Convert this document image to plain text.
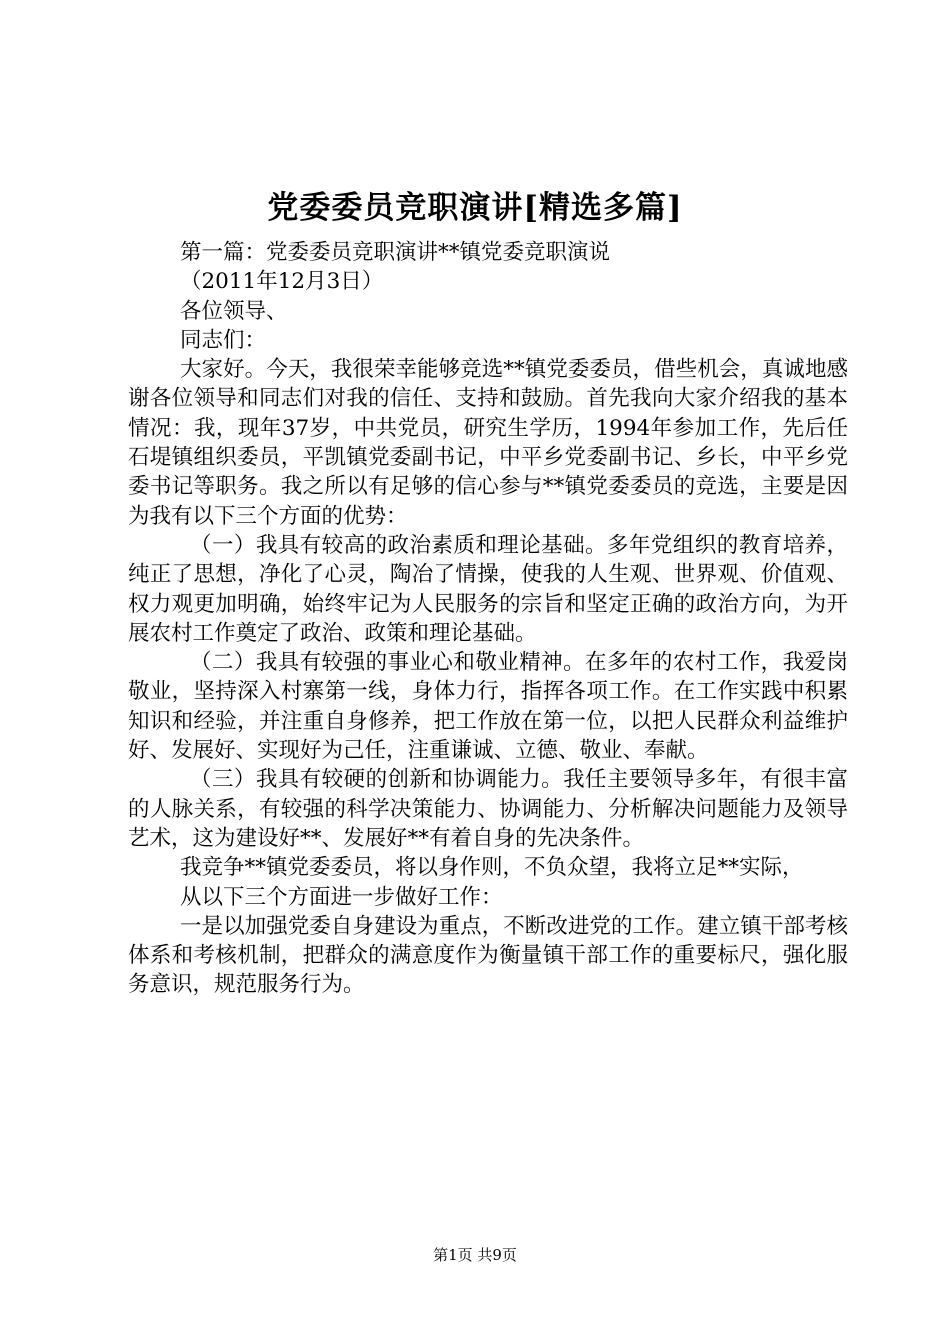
党委委员竞职演讲[精选多篇]

第一篇：党委委员竞职演讲**镇党委竞职演说

（2011年12月3日）

各位领导、

同志们：

大家好。今天，我很荣幸能够竞选**镇党委委员，借些机会，真诚地感谢各位领导和同志们对我的信任、支持和鼓励。首先我向大家介绍我的基本情况：我，现年37岁，中共党员，研究生学历，1994年参加工作，先后任石堤镇组织委员，平凯镇党委副书记，中平乡党委副书记、乡长，中平乡党委书记等职务。我之所以有足够的信心参与**镇党委委员的竞选，主要是因为我有以下三个方面的优势：

（一）我具有较高的政治素质和理论基础。多年党组织的教育培养，纯正了思想，净化了心灵，陶冶了情操，使我的人生观、世界观、价值观、权力观更加明确，始终牢记为人民服务的宗旨和坚定正确的政治方向，为开展农村工作奠定了政治、政策和理论基础。

（二）我具有较强的事业心和敬业精神。在多年的农村工作，我爱岗敬业，坚持深入村寨第一线，身体力行，指挥各项工作。在工作实践中积累知识和经验，并注重自身修养，把工作放在第一位，以把人民群众利益维护好、发展好、实现好为己任，注重谦诚、立德、敬业、奉献。

（三）我具有较硬的创新和协调能力。我任主要领导多年，有很丰富的人脉关系，有较强的科学决策能力、协调能力、分析解决问题能力及领导艺术，这为建设好**、发展好**有着自身的先决条件。

我竞争**镇党委委员，将以身作则，不负众望，我将立足**实际，

从以下三个方面进一步做好工作：

一是以加强党委自身建设为重点，不断改进党的工作。建立镇干部考核体系和考核机制，把群众的满意度作为衡量镇干部工作的重要标尺，强化服务意识，规范服务行为。

第1页 共9页
